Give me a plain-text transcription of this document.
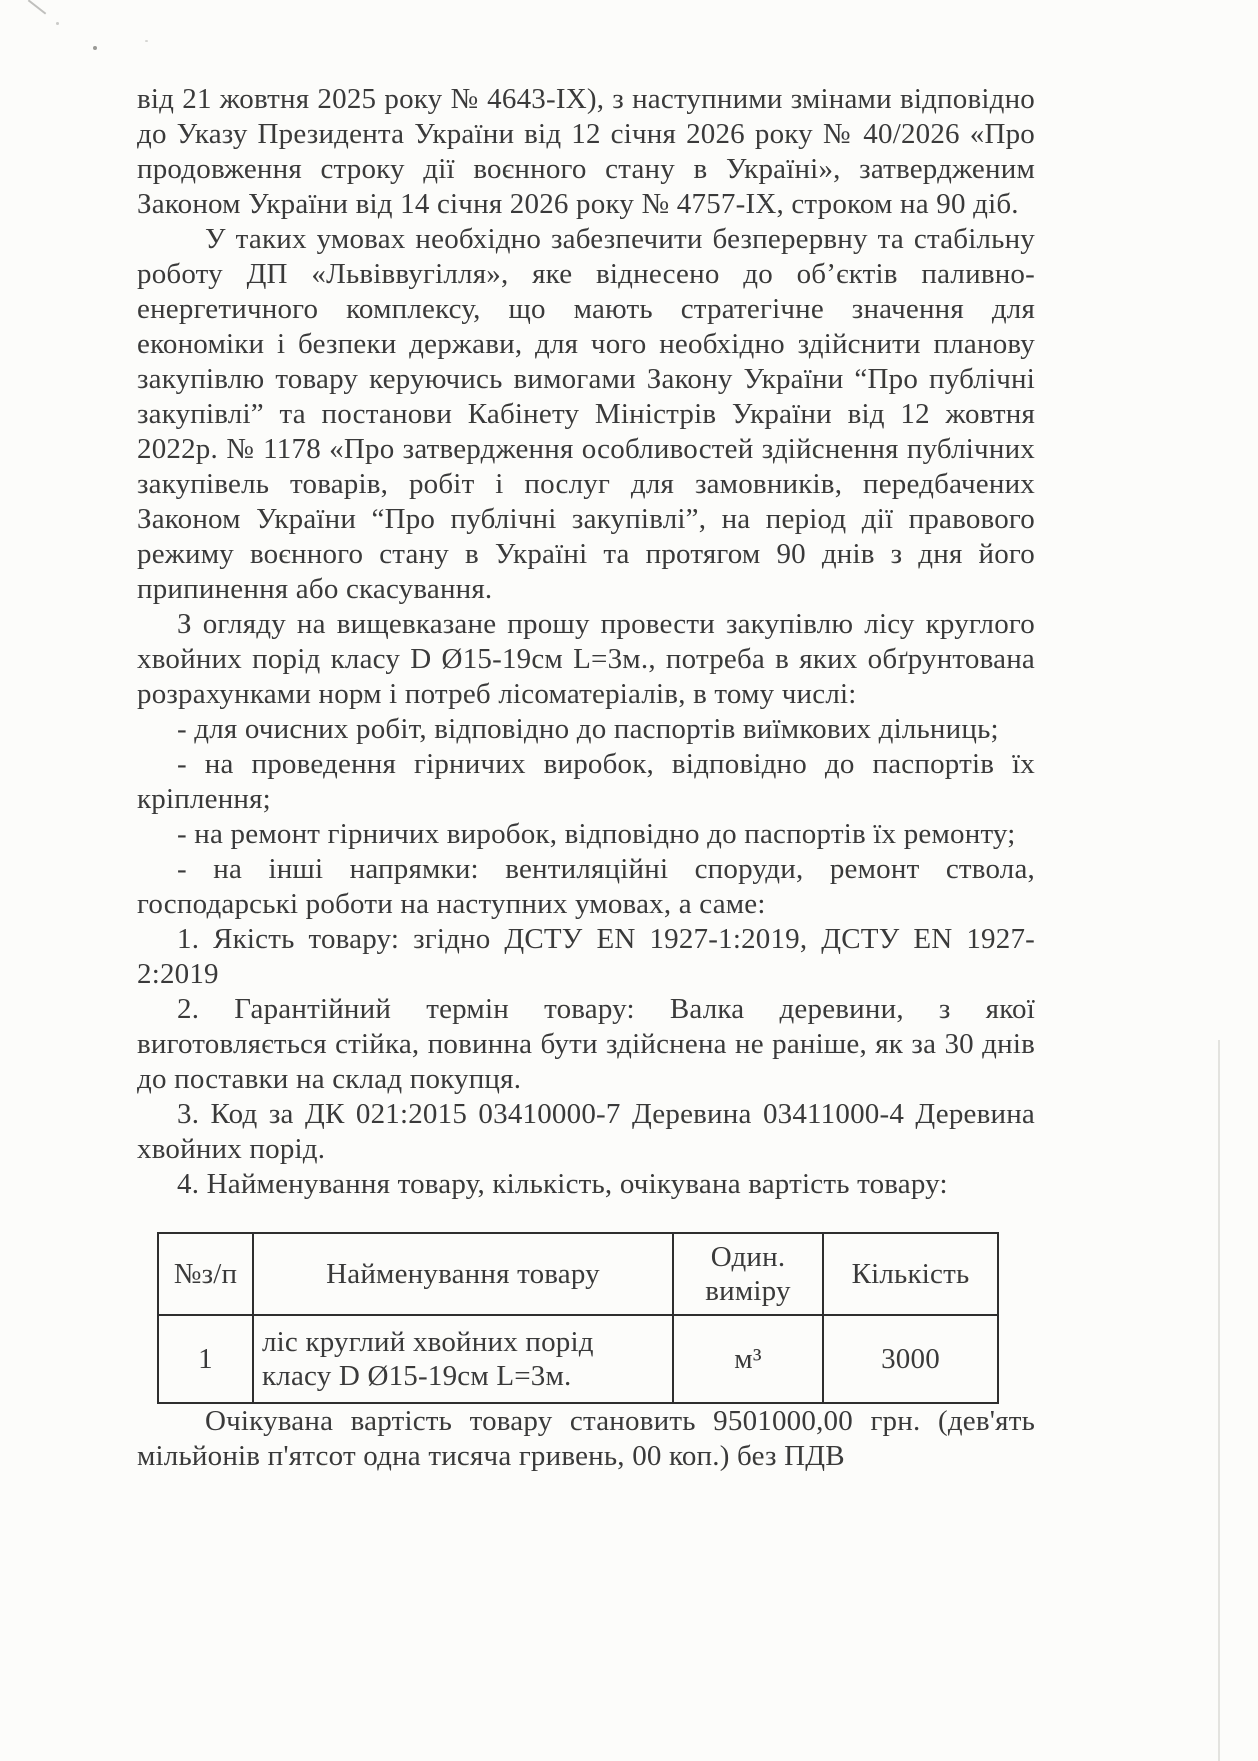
від 21 жовтня 2025 року № 4643-IX), з наступними змінами відповідно до Указу Президента України від 12 січня 2026 року № 40/2026 «Про продовження строку дії воєнного стану в Україні», затвердженим Законом України від 14 січня 2026 року № 4757-IX, строком на 90 діб.

У таких умовах необхідно забезпечити безперервну та стабільну роботу ДП «Львіввугілля», яке віднесено до об’єктів паливно-енергетичного комплексу, що мають стратегічне значення для економіки і безпеки держави, для чого необхідно здійснити планову закупівлю товару керуючись вимогами Закону України “Про публічні закупівлі” та постанови Кабінету Міністрів України від 12 жовтня 2022р. № 1178 «Про затвердження особливостей здійснення публічних закупівель товарів, робіт і послуг для замовників, передбачених Законом України “Про публічні закупівлі”, на період дії правового режиму воєнного стану в Україні та протягом 90 днів з дня його припинення або скасування.

З огляду на вищевказане прошу провести закупівлю лісу круглого хвойних порід класу D Ø15-19см L=3м., потреба в яких обґрунтована розрахунками норм і потреб лісоматеріалів, в тому числі:

- для очисних робіт, відповідно до паспортів виїмкових дільниць;

- на проведення гірничих виробок, відповідно до паспортів їх кріплення;

- на ремонт гірничих виробок, відповідно до паспортів їх ремонту;

- на інші напрямки: вентиляційні споруди, ремонт ствола, господарські роботи на наступних умовах, а саме:

1. Якість товару: згідно ДСТУ EN 1927-1:2019, ДСТУ EN 1927-2:2019

2. Гарантійний термін товару: Валка деревини, з якої виготовляється стійка, повинна бути здійснена не раніше, як за 30 днів до поставки на склад покупця.

3. Код за ДК 021:2015 03410000-7 Деревина 03411000-4 Деревина хвойних порід.

4. Найменування товару, кількість, очікувана вартість товару:

№з/п	Найменування товару	Один. виміру	Кількість
1	ліс круглий хвойних порід класу D Ø15-19см L=3м.	м³	3000

Очікувана вартість товару становить 9501000,00 грн. (дев'ять мільйонів п'ятсот одна тисяча гривень, 00 коп.) без ПДВ
